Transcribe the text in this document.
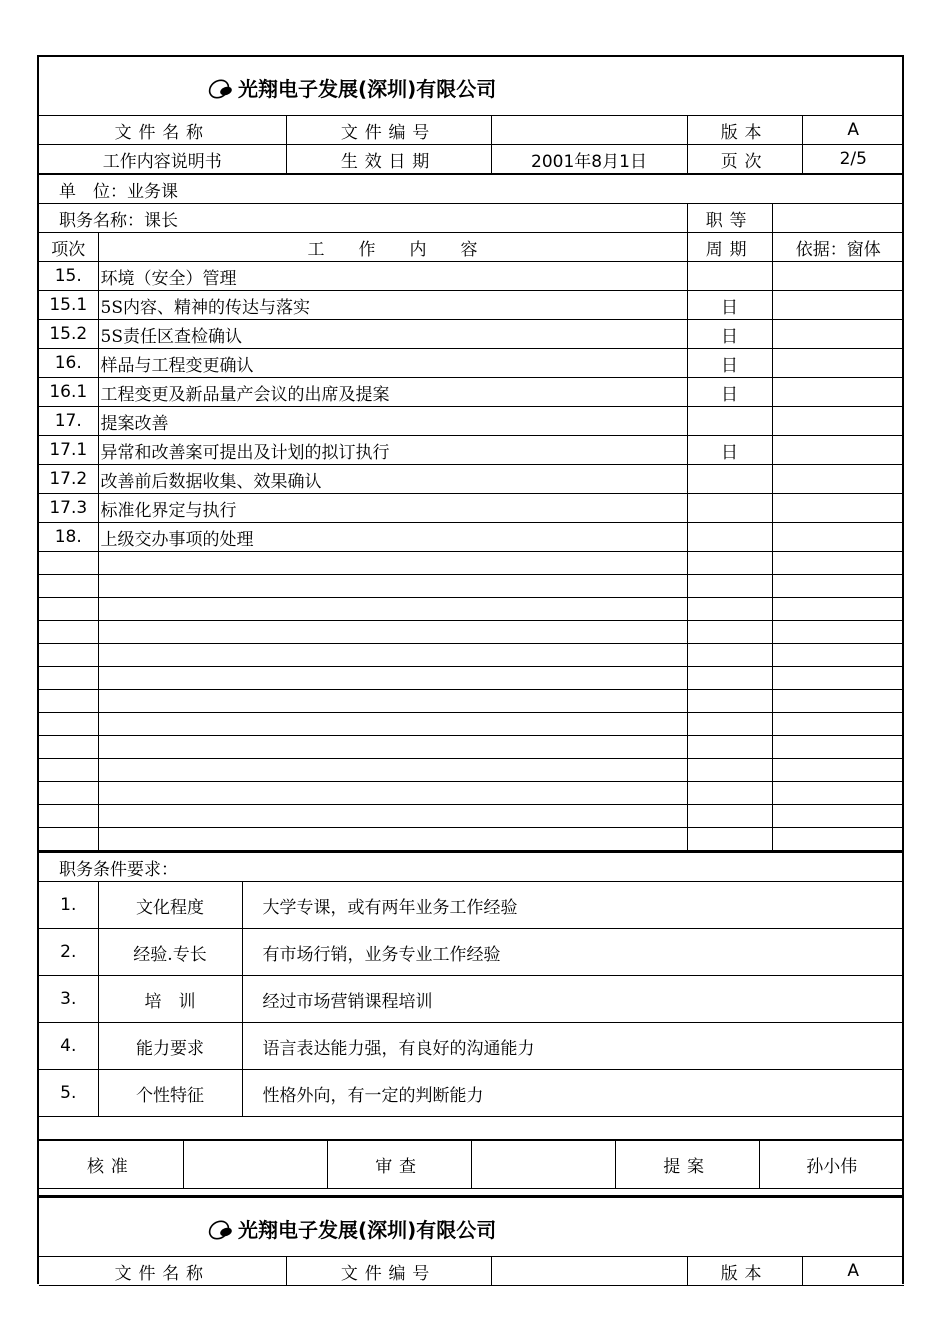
光翔电子发展(深圳)有限公司
文件名称	文件编号		版本	A
工作内容说明书	生效日期	2001年8月1日	页次	2/5
单　位：业务课			
职务名称：课长		职等	
项次	工　　作　　内　　容	周期	依据：窗体
15.	环境（安全）管理		
15.1	5S内容、精神的传达与落实	日	
15.2	5S责任区查检确认	日	
16.	样品与工程变更确认	日	
16.1	工程变更及新品量产会议的出席及提案	日	
17.	提案改善		
17.1	异常和改善案可提出及计划的拟订执行	日	
17.2	改善前后数据收集、效果确认		
17.3	标准化界定与执行		
18.	上级交办事项的处理		

职务条件要求：		
1.	文化程度	大学专课，或有两年业务工作经验
2.	经验.专长	有市场行销，业务专业工作经验
3.	培　训	经过市场营销课程培训
4.	能力要求	语言表达能力强，有良好的沟通能力
5.	个性特征	性格外向，有一定的判断能力

核准		审查		提案	孙小伟
光翔电子发展(深圳)有限公司
文件名称	文件编号		版本	A
